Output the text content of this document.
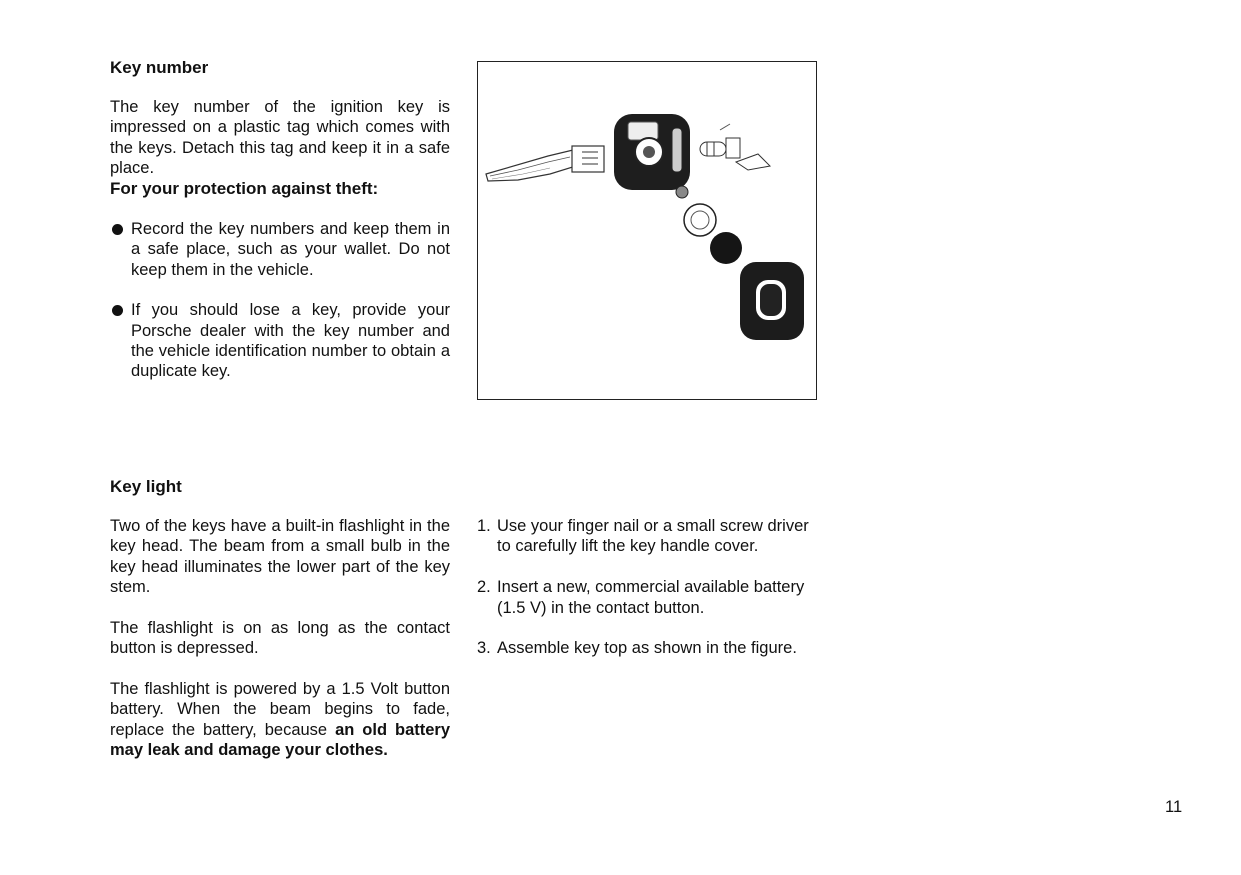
Key number

The key number of the ignition key is impressed on a plastic tag which comes with the keys. Detach this tag and keep it in a safe place.

For your protection against theft:
Record the key numbers and keep them in a safe place, such as your wallet. Do not keep them in the vehicle.
If you should lose a key, provide your Porsche dealer with the key number and the vehicle identification number to obtain a duplicate key.
Key light

Two of the keys have a built-in flashlight in the key head. The beam from a small bulb in the key head illuminates the lower part of the key stem.

The flashlight is on as long as the contact button is depressed.

The flashlight is powered by a 1.5 Volt button battery. When the beam begins to fade, replace the battery, because an old battery may leak and damage your clothes.

1. Use your finger nail or a small screw driver to carefully lift the key handle cover.
2. Insert a new, commercial available battery (1.5 V) in the contact button.
3. Assemble key top as shown in the figure.
11
